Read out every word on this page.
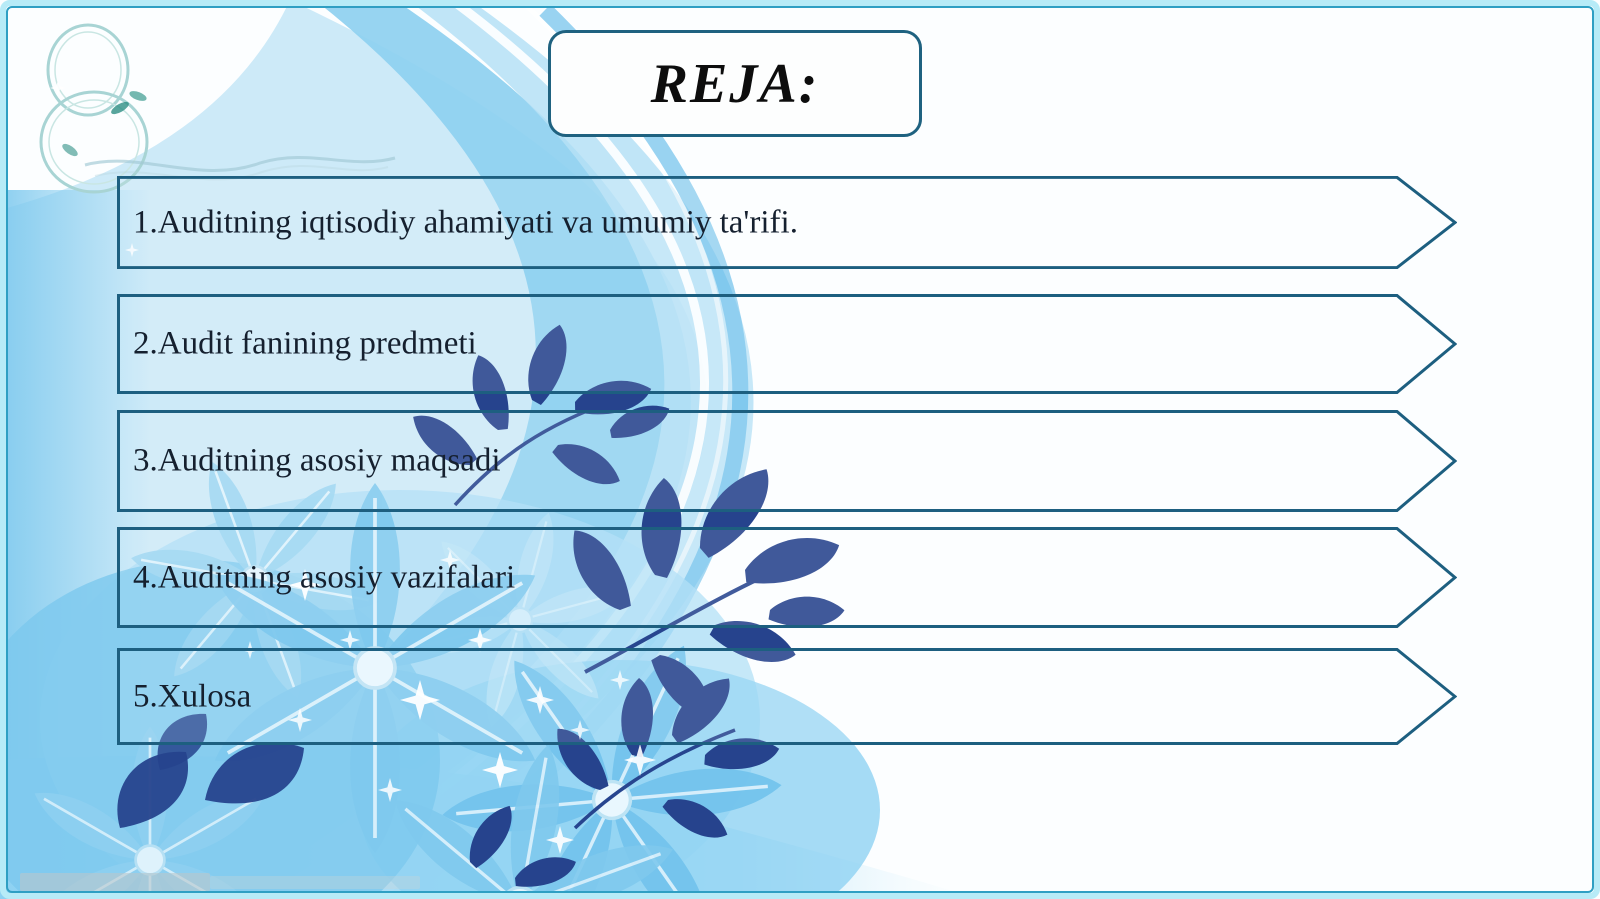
REJA:
1.Auditning iqtisodiy ahamiyati va umumiy ta'rifi.
2.Audit fanining predmeti
3.Auditning asosiy maqsadi
4.Auditning asosiy vazifalari
5.Xulosa
